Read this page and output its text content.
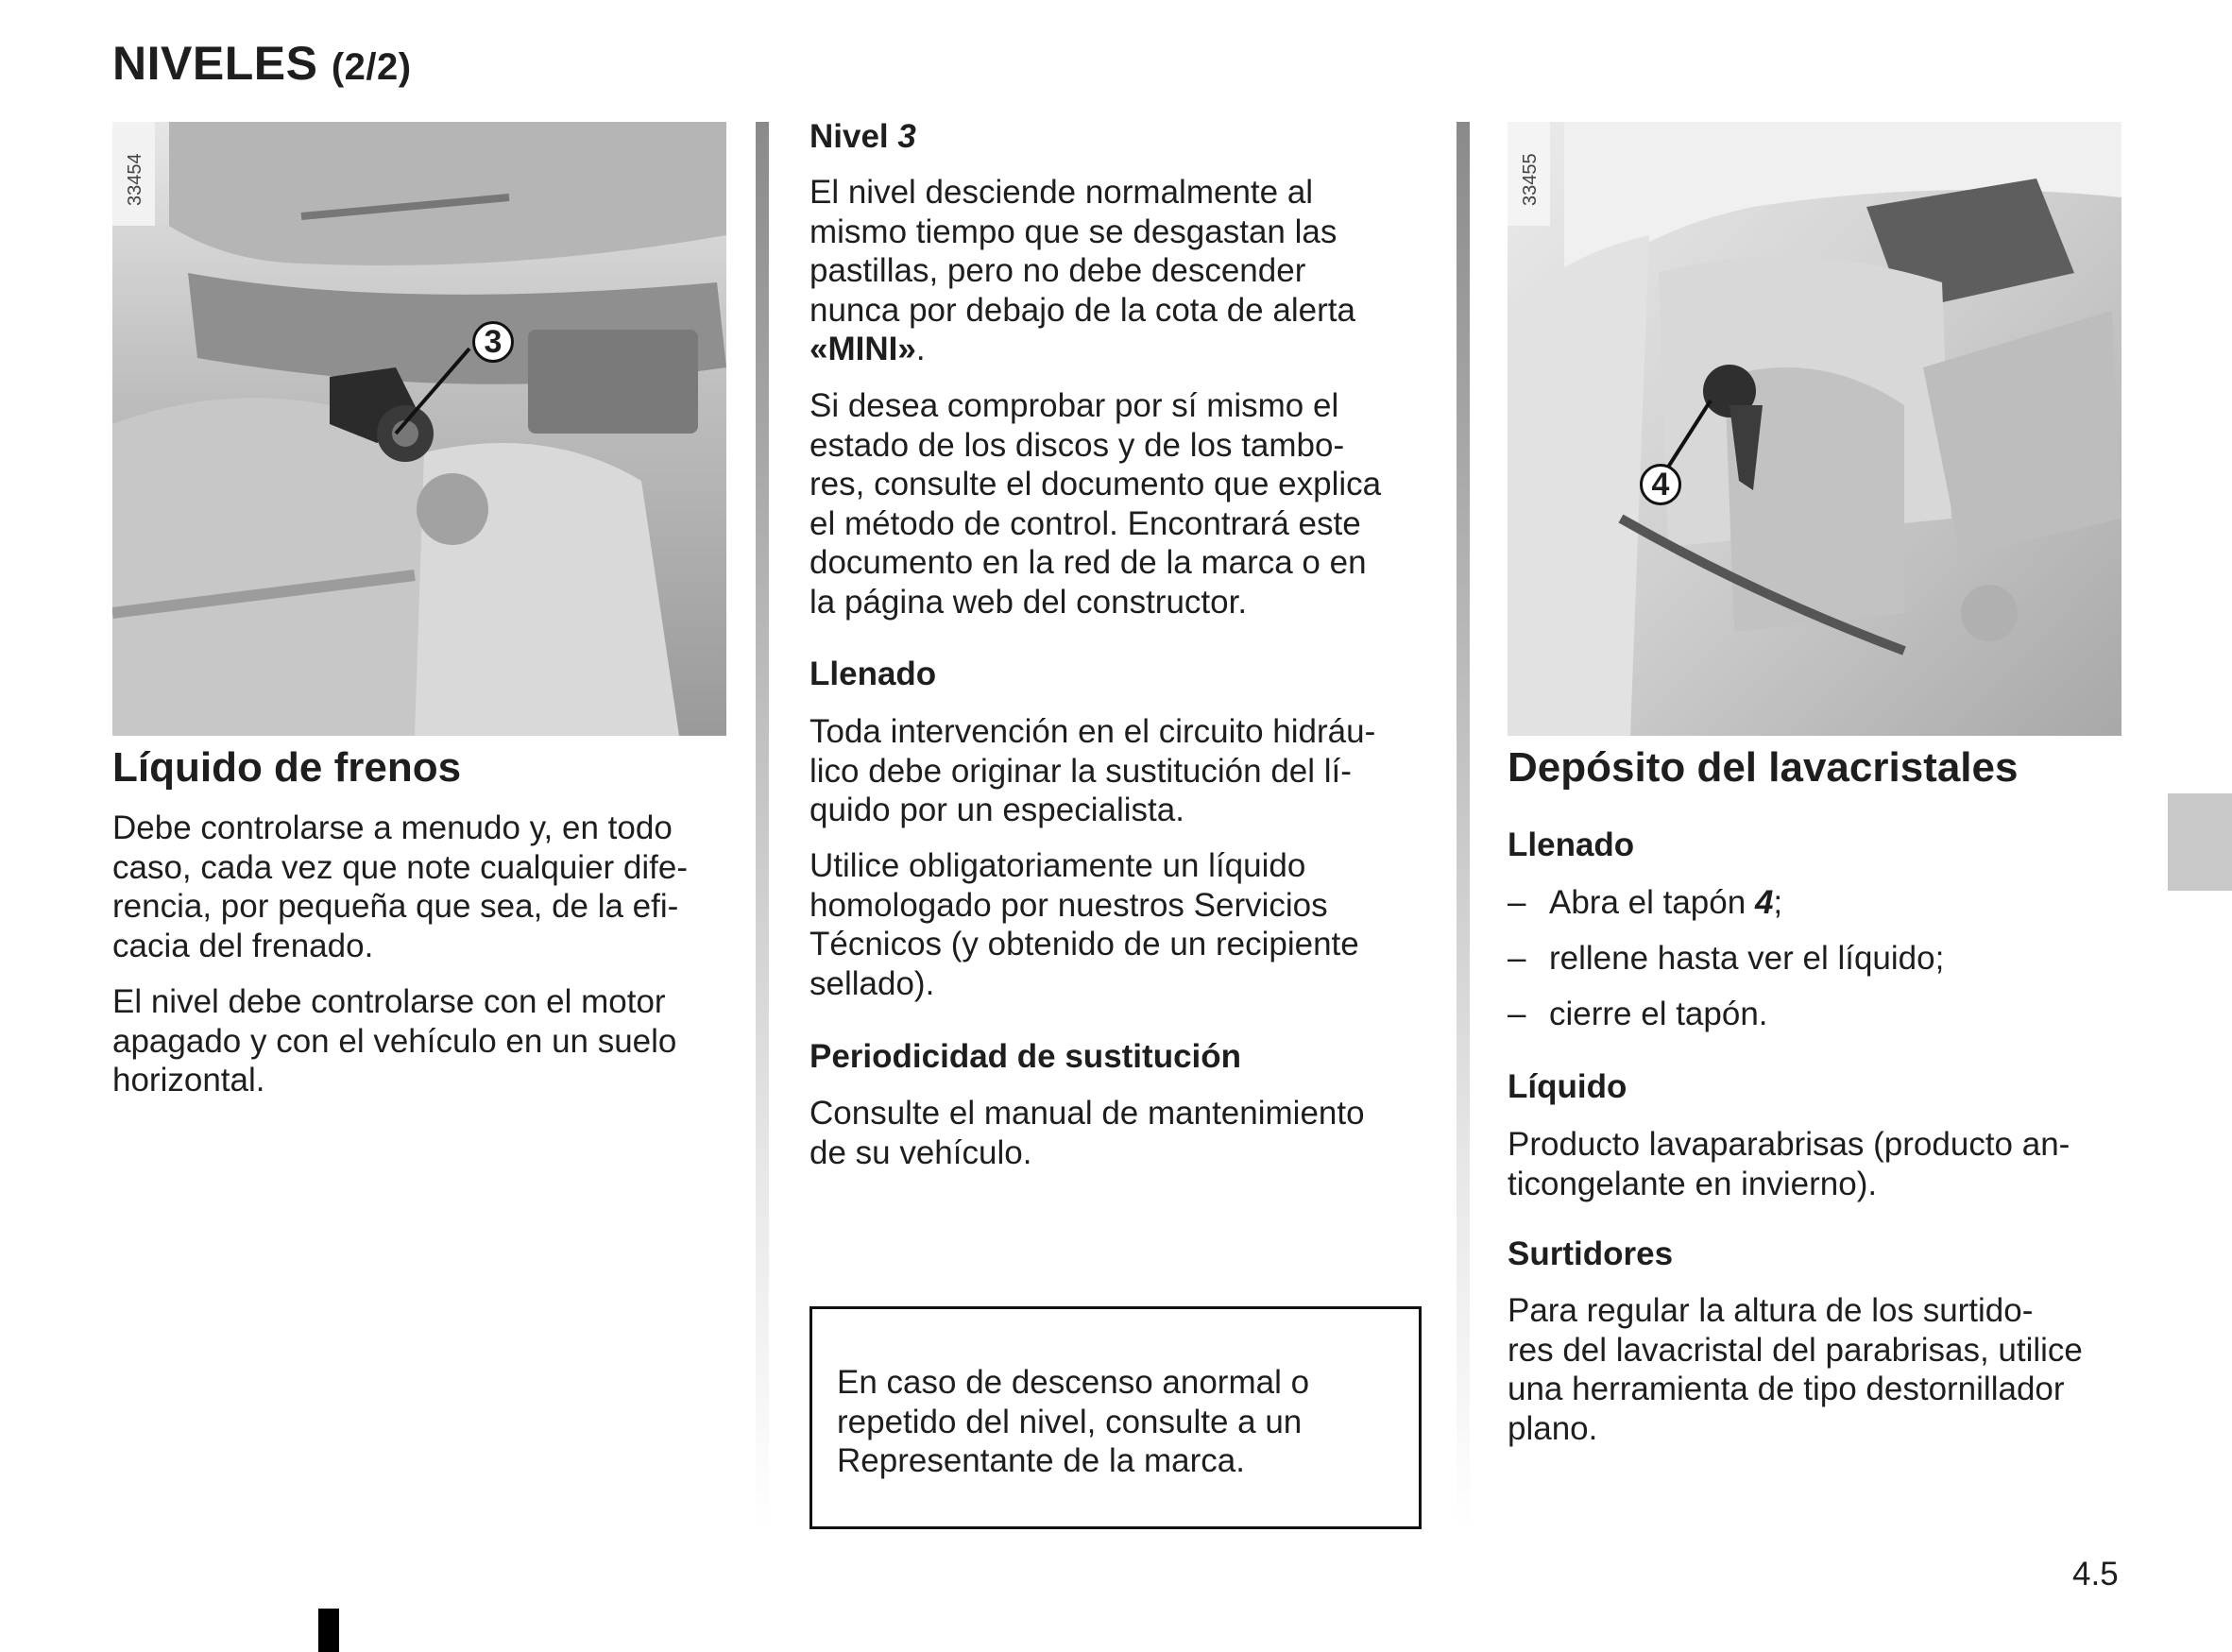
NIVELES (2/2)
33454
3
Líquido de frenos
Debe controlarse a menudo y, en todo
caso, cada vez que note cualquier dife-
rencia, por pequeña que sea, de la efi-
cacia del frenado.
El nivel debe controlarse con el motor
apagado y con el vehículo en un suelo
horizontal.
Nivel 3
El nivel desciende normalmente al
mismo tiempo que se desgastan las
pastillas, pero no debe descender
nunca por debajo de la cota de alerta
«MINI».
Si desea comprobar por sí mismo el
estado de los discos y de los tambo-
res, consulte el documento que explica
el método de control. Encontrará este
documento en la red de la marca o en
la página web del constructor.
Llenado
Toda intervención en el circuito hidráu-
lico debe originar la sustitución del lí-
quido por un especialista.
Utilice obligatoriamente un líquido
homologado por nuestros Servicios
Técnicos (y obtenido de un recipiente
sellado).
Periodicidad de sustitución
Consulte el manual de mantenimiento
de su vehículo.
En caso de descenso anormal o
repetido del nivel, consulte a un
Representante de la marca.
33455
4
Depósito del lavacristales
Llenado
– Abra el tapón 4;
– rellene hasta ver el líquido;
– cierre el tapón.
Líquido
Producto lavaparabrisas (producto an-
ticongelante en invierno).
Surtidores
Para regular la altura de los surtido-
res del lavacristal del parabrisas, utilice
una herramienta de tipo destornillador
plano.
4.5
